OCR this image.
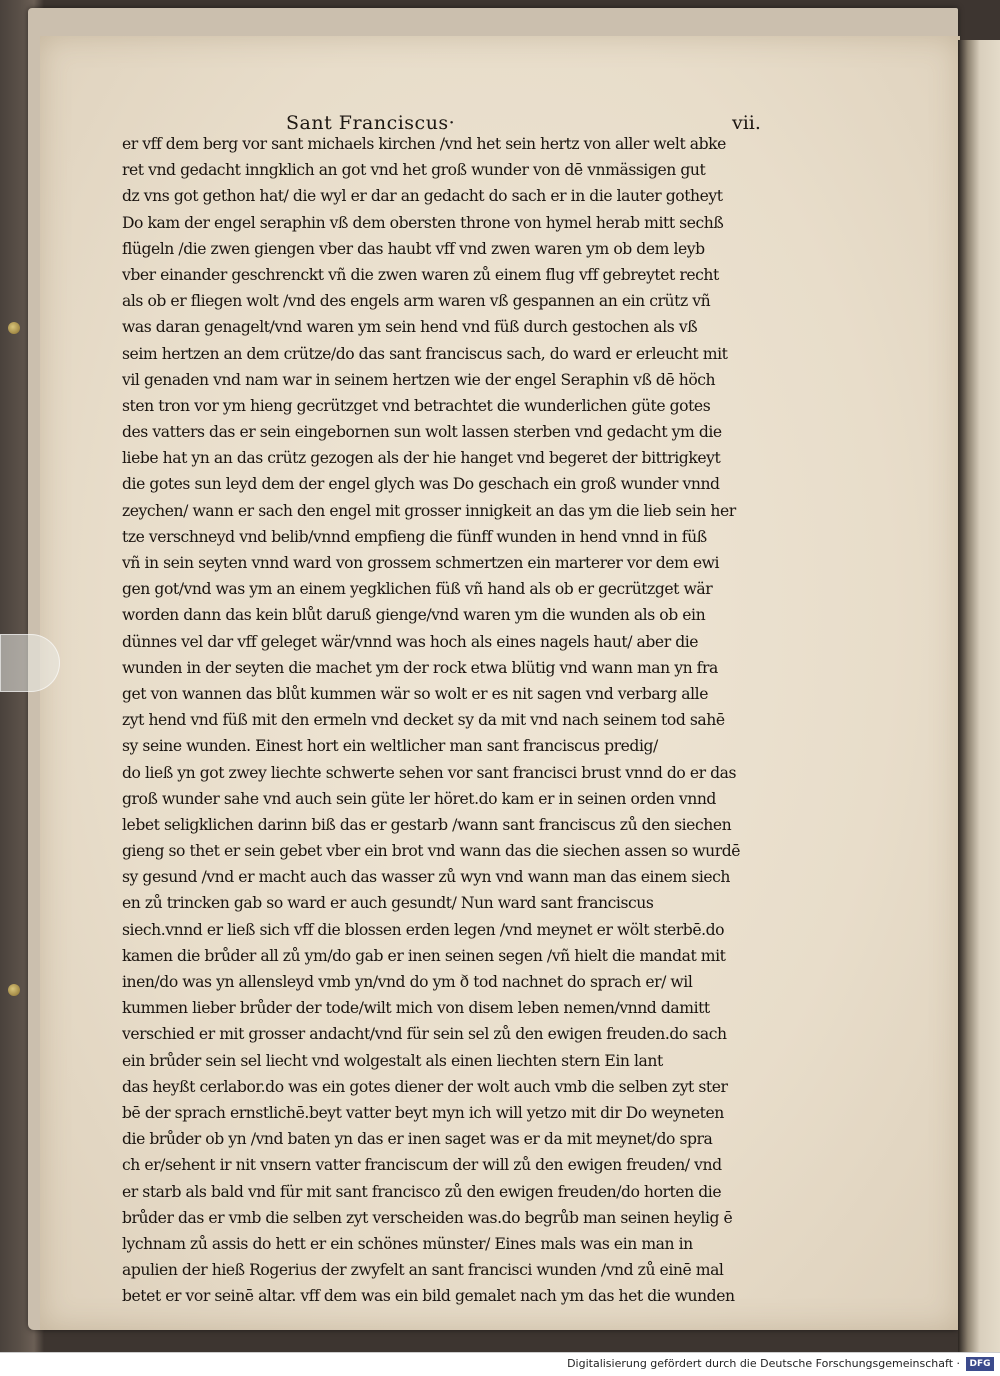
Sant Franciscus·	vii.
er vff dem berg vor sant michaels kirchen /vnd het sein hertz von aller welt abke
ret vnd gedacht inngklich an got vnd het groß wunder von dē vnmässigen gut
dz vns got gethon hat/ die wyl er dar an gedacht do sach er in die lauter gotheyt
Do kam der engel seraphin vß dem obersten throne von hymel herab mitt sechß
flügeln /die zwen giengen vber das haubt vff vnd zwen waren ym ob dem leyb
vber einander geschrenckt vñ die zwen waren zů einem flug vff gebreytet recht
als ob er fliegen wolt /vnd des engels arm waren vß gespannen an ein crütz vñ
was daran genagelt/vnd waren ym sein hend vnd füß durch gestochen als vß
seim hertzen an dem crütze/do das sant franciscus sach, do ward er erleucht mit
vil genaden vnd nam war in seinem hertzen wie der engel Seraphin vß dē höch
sten tron vor ym hieng gecrützget vnd betrachtet die wunderlichen güte gotes
des vatters das er sein eingebornen sun wolt lassen sterben vnd gedacht ym die
liebe hat yn an das crütz gezogen als der hie hanget vnd begeret der bittrigkeyt
die gotes sun leyd dem der engel glych was Do geschach ein groß wunder vnnd
zeychen/ wann er sach den engel mit grosser innigkeit an das ym die lieb sein her
tze verschneyd vnd belib/vnnd empfieng die fünff wunden in hend vnnd in füß
vñ in sein seyten vnnd ward von grossem schmertzen ein marterer vor dem ewi
gen got/vnd was ym an einem yegklichen füß vñ hand als ob er gecrützget wär
worden dann das kein blůt daruß gienge/vnd waren ym die wunden als ob ein
dünnes vel dar vff geleget wär/vnnd was hoch als eines nagels haut/ aber die
wunden in der seyten die machet ym der rock etwa blütig vnd wann man yn fra
get von wannen das blůt kummen wär so wolt er es nit sagen vnd verbarg alle
zyt hend vnd füß mit den ermeln vnd decket sy da mit vnd nach seinem tod sahē
sy seine wunden. Einest hort ein weltlicher man sant franciscus predig/
do ließ yn got zwey liechte schwerte sehen vor sant francisci brust vnnd do er das
groß wunder sahe vnd auch sein güte ler höret.do kam er in seinen orden vnnd
lebet seligklichen darinn biß das er gestarb /wann sant franciscus zů den siechen
gieng so thet er sein gebet vber ein brot vnd wann das die siechen assen so wurdē
sy gesund /vnd er macht auch das wasser zů wyn vnd wann man das einem siech
en zů trincken gab so ward er auch gesundt/ Nun ward sant franciscus
siech.vnnd er ließ sich vff die blossen erden legen /vnd meynet er wölt sterbē.do
kamen die brůder all zů ym/do gab er inen seinen segen /vñ hielt die mandat mit
inen/do was yn allensleyd vmb yn/vnd do ym ð tod nachnet do sprach er/ wil
kummen lieber brůder der tode/wilt mich von disem leben nemen/vnnd damitt
verschied er mit grosser andacht/vnd für sein sel zů den ewigen freuden.do sach
ein brůder sein sel liecht vnd wolgestalt als einen liechten stern Ein lant
das heyßt cerlabor.do was ein gotes diener der wolt auch vmb die selben zyt ster
bē der sprach ernstlichē.beyt vatter beyt myn ich will yetzo mit dir Do weyneten
die brůder ob yn /vnd baten yn das er inen saget was er da mit meynet/do spra
ch er/sehent ir nit vnsern vatter franciscum der will zů den ewigen freuden/ vnd
er starb als bald vnd für mit sant francisco zů den ewigen freuden/do horten die
brůder das er vmb die selben zyt verscheiden was.do begrůb man seinen heylig ē
lychnam zů assis do hett er ein schönes münster/ Eines mals was ein man in
apulien der hieß Rogerius der zwyfelt an sant francisci wunden /vnd zů einē mal
betet er vor seinē altar. vff dem was ein bild gemalet nach ym das het die wunden
Digitalisierung gefördert durch die Deutsche Forschungsgemeinschaft ·	DFG
